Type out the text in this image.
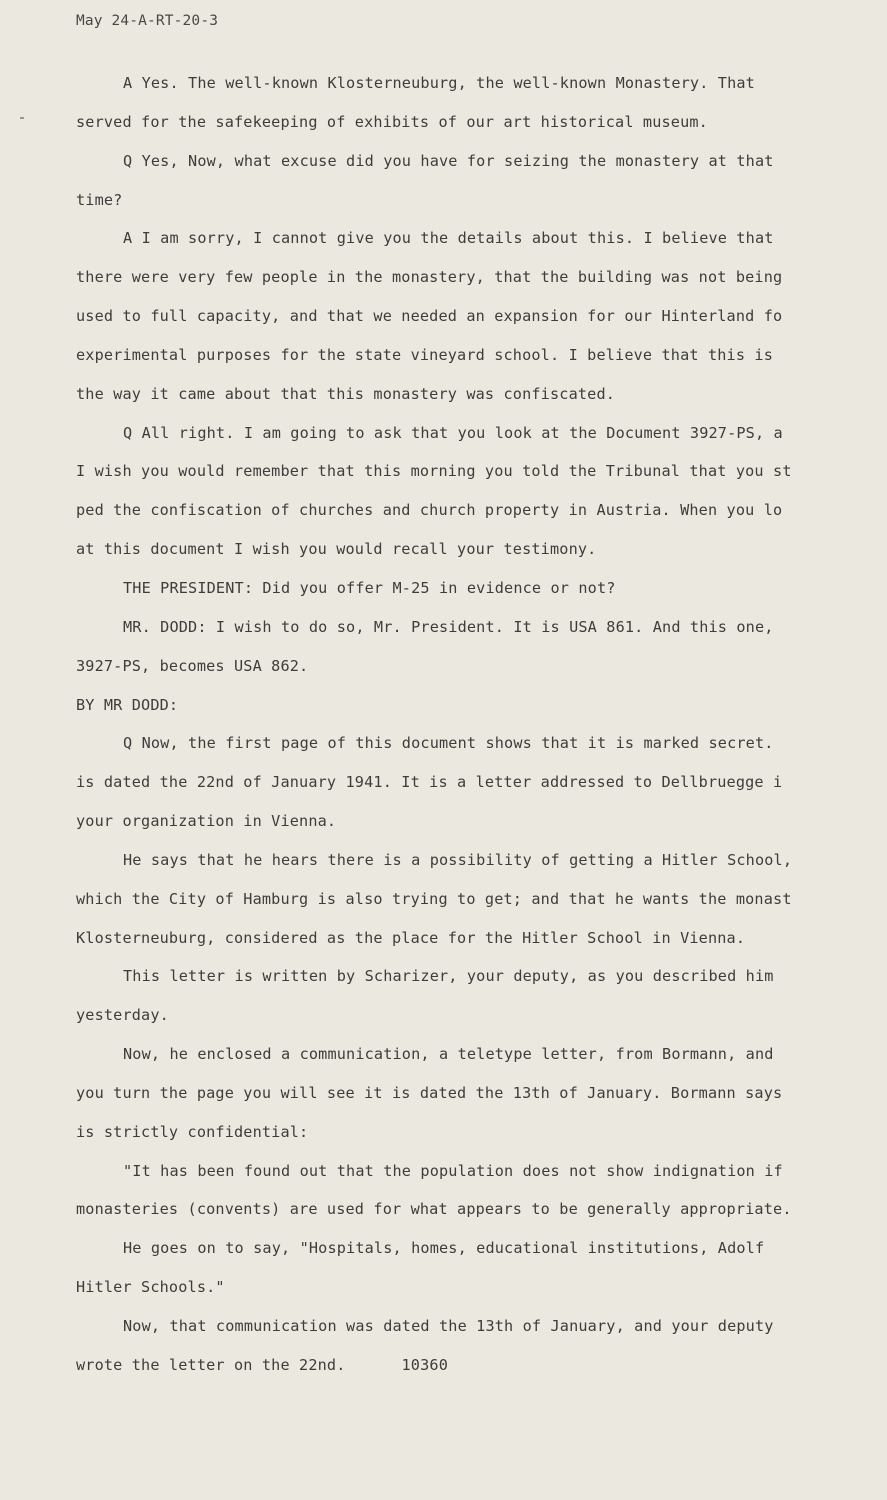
May 24-A-RT-20-3
A Yes. The well-known Klosterneuburg, the well-known Monastery. That
served for the safekeeping of exhibits of our art historical museum.
Q Yes, Now, what excuse did you have for seizing the monastery at that
time?
A I am sorry, I cannot give you the details about this. I believe that
there were very few people in the monastery, that the building was not being
used to full capacity, and that we needed an expansion for our Hinterland fo
experimental purposes for the state vineyard school. I believe that this is
the way it came about that this monastery was confiscated.
Q All right. I am going to ask that you look at the Document 3927-PS, a
I wish you would remember that this morning you told the Tribunal that you st
ped the confiscation of churches and church property in Austria. When you lo
at this document I wish you would recall your testimony.
THE PRESIDENT: Did you offer M-25 in evidence or not?
MR. DODD: I wish to do so, Mr. President. It is USA 861. And this one,
3927-PS, becomes USA 862.
BY MR DODD:
Q Now, the first page of this document shows that it is marked secret.
is dated the 22nd of January 1941. It is a letter addressed to Dellbruegge i
your organization in Vienna.
He says that he hears there is a possibility of getting a Hitler School,
which the City of Hamburg is also trying to get; and that he wants the monast
Klosterneuburg, considered as the place for the Hitler School in Vienna.
This letter is written by Scharizer, your deputy, as you described him
yesterday.
Now, he enclosed a communication, a teletype letter, from Bormann, and
you turn the page you will see it is dated the 13th of January. Bormann says
is strictly confidential:
"It has been found out that the population does not show indignation if
monasteries (convents) are used for what appears to be generally appropriate.
He goes on to say, "Hospitals, homes, educational institutions, Adolf
Hitler Schools."
Now, that communication was dated the 13th of January, and your deputy
wrote the letter on the 22nd.	10360
